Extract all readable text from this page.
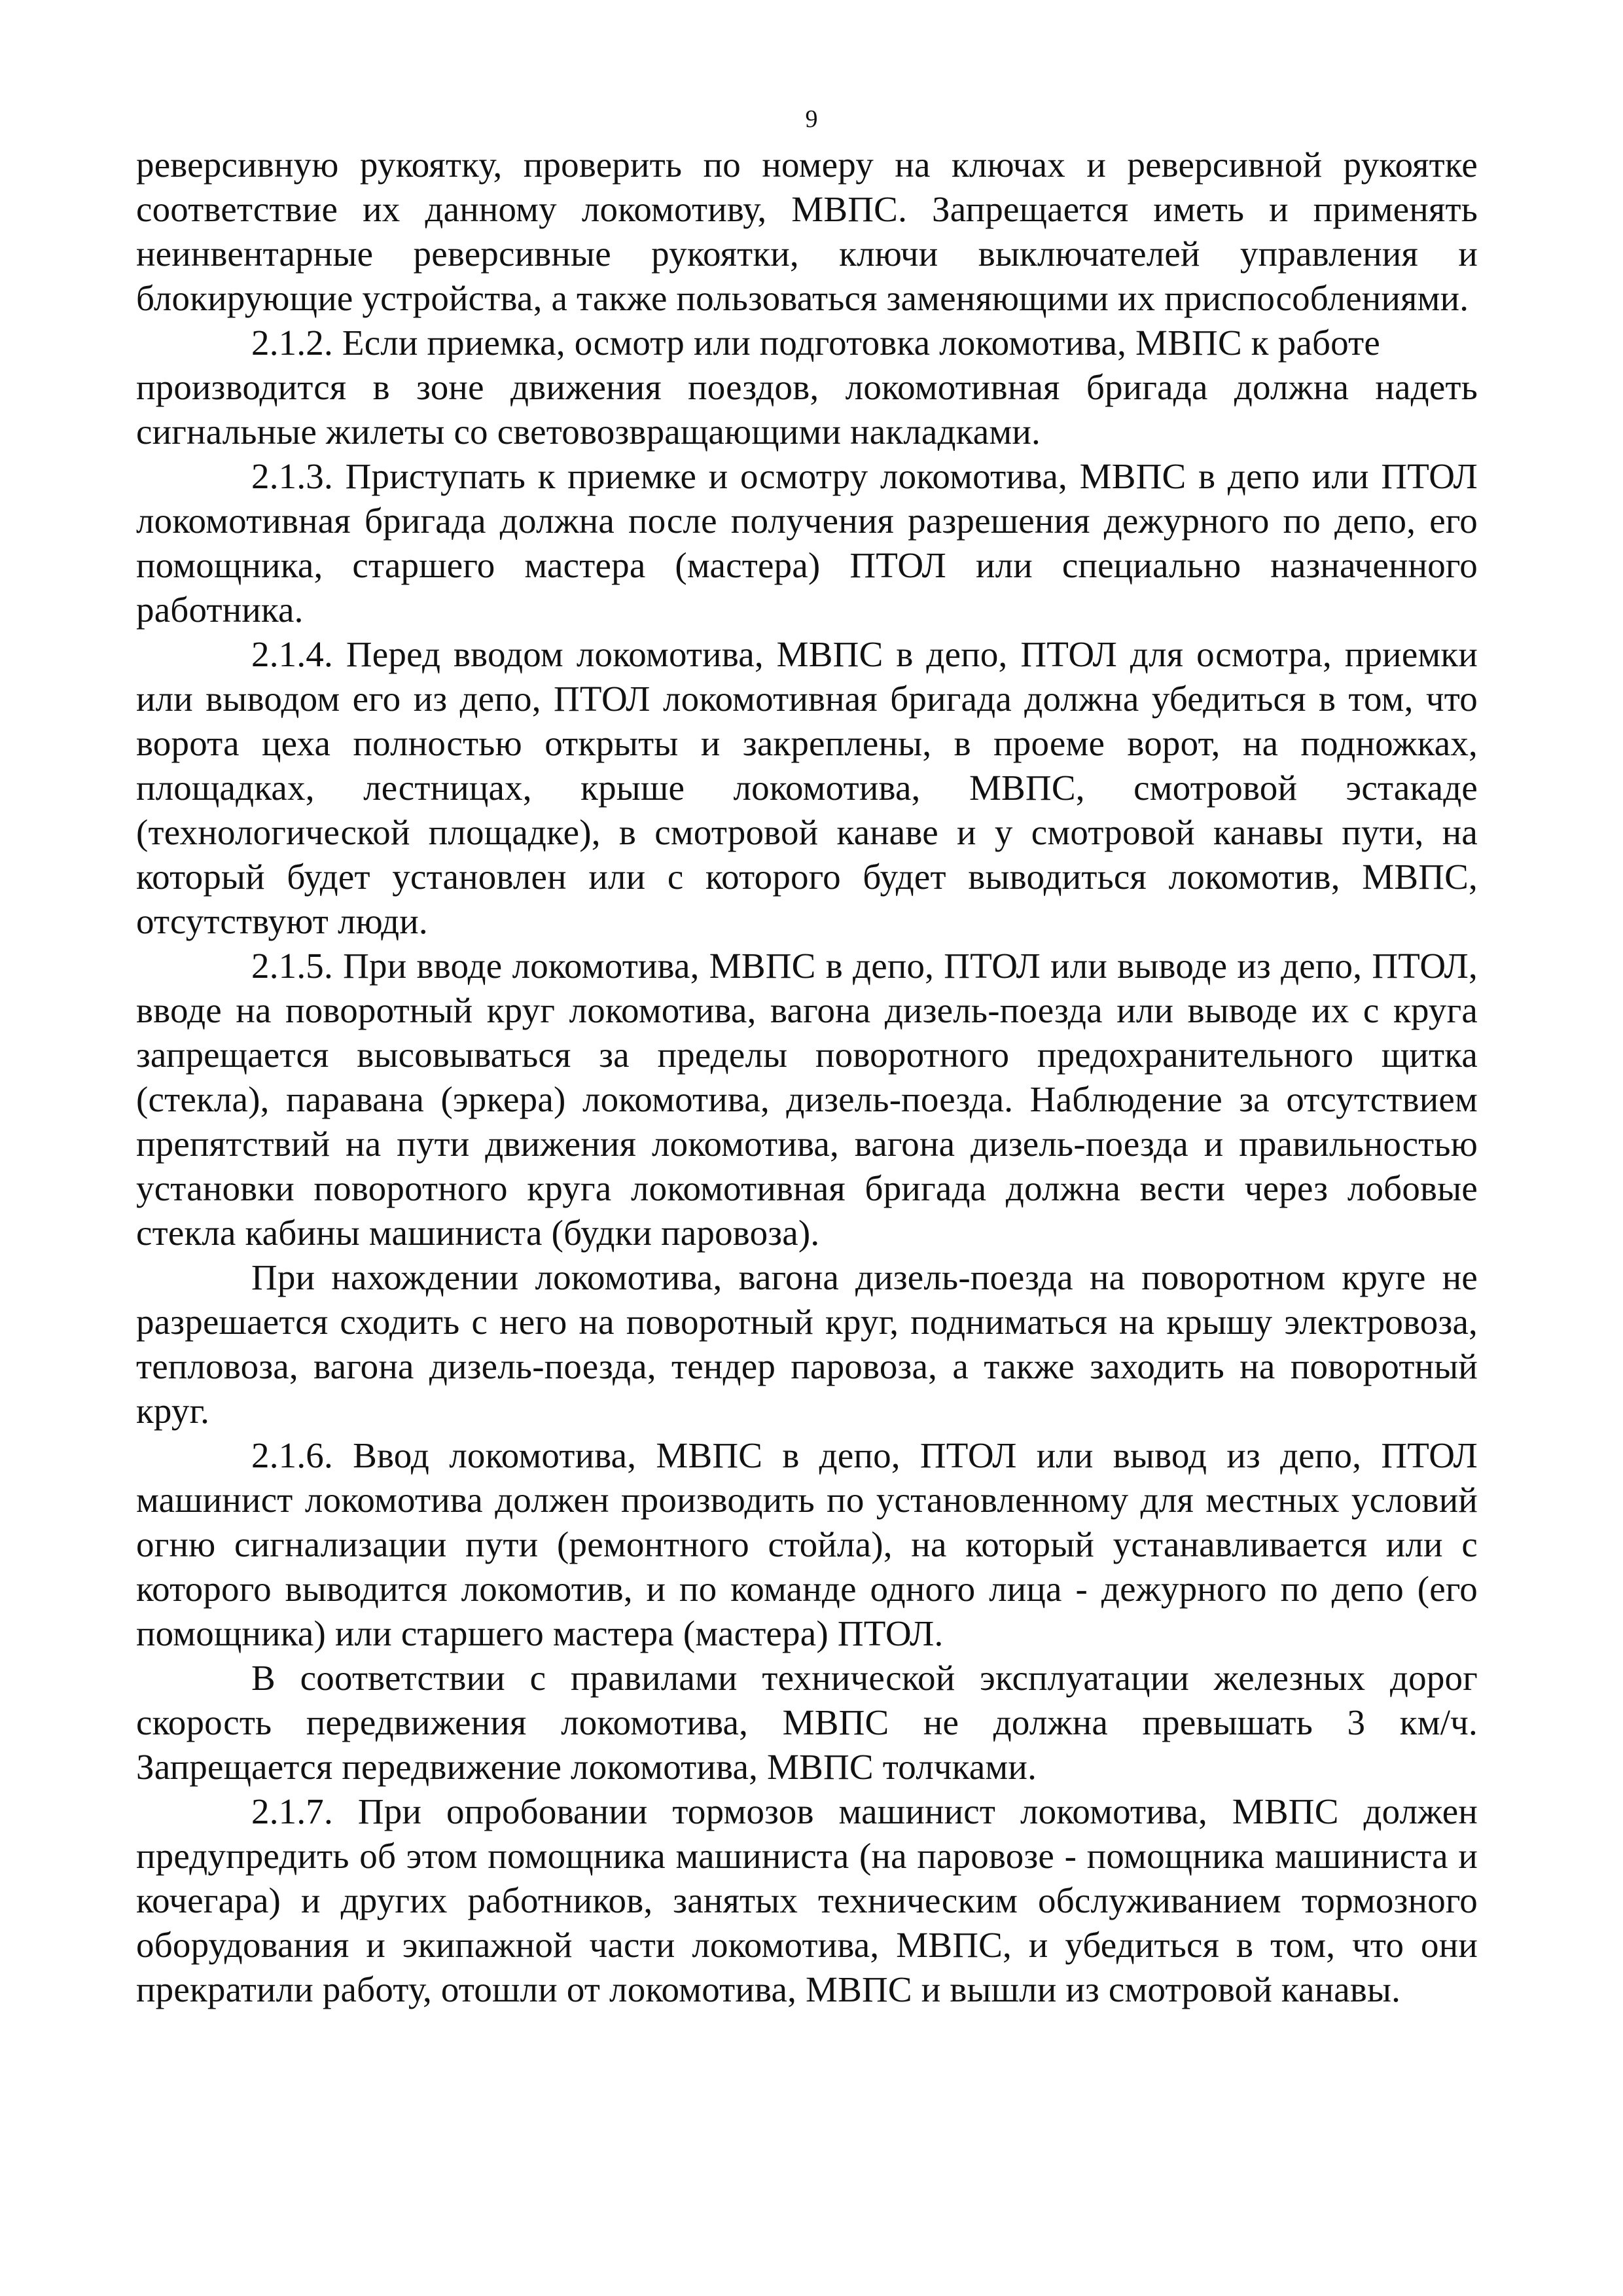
9

реверсивную рукоятку, проверить по номеру на ключах и реверсивной рукоятке соответствие их данному локомотиву, МВПС. Запрещается иметь и применять неинвентарные реверсивные рукоятки, ключи выключателей управления и блокирующие устройства, а также пользоваться заменяющими их приспособлениями.

2.1.2. Если приемка, осмотр или подготовка локомотива, МВПС к работе

производится в зоне движения поездов, локомотивная бригада должна надеть сигнальные жилеты со световозвращающими накладками.

2.1.3. Приступать к приемке и осмотру локомотива, МВПС в депо или ПТОЛ локомотивная бригада должна после получения разрешения дежурного по депо, его помощника, старшего мастера (мастера) ПТОЛ или специально назначенного работника.

2.1.4. Перед вводом локомотива, МВПС в депо, ПТОЛ для осмотра, приемки или выводом его из депо, ПТОЛ локомотивная бригада должна убедиться в том, что ворота цеха полностью открыты и закреплены, в проеме ворот, на подножках, площадках, лестницах, крыше локомотива, МВПС, смотровой эстакаде (технологической площадке), в смотровой канаве и у смотровой канавы пути, на который будет установлен или с которого будет выводиться локомотив, МВПС, отсутствуют люди.

2.1.5. При вводе локомотива, МВПС в депо, ПТОЛ или выводе из депо, ПТОЛ, вводе на поворотный круг локомотива, вагона дизель-поезда или выводе их с круга запрещается высовываться за пределы поворотного предохранительного щитка (стекла), паравана (эркера) локомотива, дизель-поезда. Наблюдение за отсутствием препятствий на пути движения локомотива, вагона дизель-поезда и правильностью установки поворотного круга локомотивная бригада должна вести через лобовые стекла кабины машиниста (будки паровоза).

При нахождении локомотива, вагона дизель-поезда на поворотном круге не разрешается сходить с него на поворотный круг, подниматься на крышу электровоза, тепловоза, вагона дизель-поезда, тендер паровоза, а также заходить на поворотный круг.

2.1.6. Ввод локомотива, МВПС в депо, ПТОЛ или вывод из депо, ПТОЛ машинист локомотива должен производить по установленному для местных условий огню сигнализации пути (ремонтного стойла), на который устанавливается или с которого выводится локомотив, и по команде одного лица - дежурного по депо (его помощника) или старшего мастера (мастера) ПТОЛ.

В соответствии с правилами технической эксплуатации железных дорог скорость передвижения локомотива, МВПС не должна превышать 3 км/ч. Запрещается передвижение локомотива, МВПС толчками.

2.1.7. При опробовании тормозов машинист локомотива, МВПС должен предупредить об этом помощника машиниста (на паровозе - помощника машиниста и кочегара) и других работников, занятых техническим обслуживанием тормозного оборудования и экипажной части локомотива, МВПС, и убедиться в том, что они прекратили работу, отошли от локомотива, МВПС и вышли из смотровой канавы.
